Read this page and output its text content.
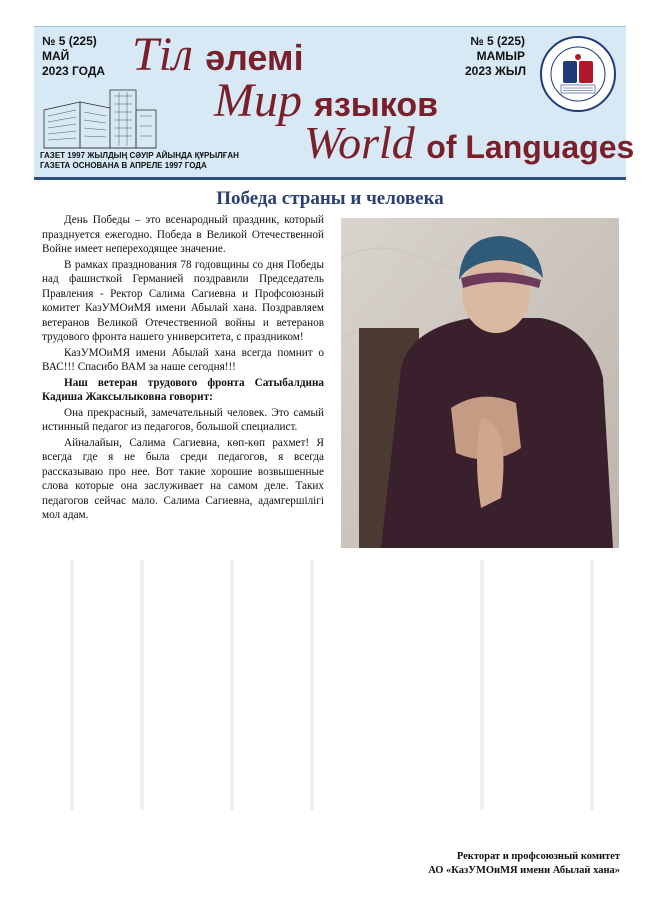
№ 5 (225)
МАЙ
2023 ГОДА Тіл әлемі
Мир языков
World of Languages
№ 5 (225)
МАМЫР
2023 ЖЫЛ
ГАЗЕТ 1997 ЖЫЛДЫҢ СӘУІР АЙЫНДА ҚҰРЫЛҒАН
ГАЗЕТА ОСНОВАНА В АПРЕЛЕ 1997 ГОДА
Победа страны и человека

День Победы – это всенародный праздник, который празднуется ежегодно. Победа в Великой Отечественной Войне имеет непереходящее значение.

В рамках празднования 78 годовщины со дня Победы над фашисткой Германией поздравили Председатель Правления - Ректор Салима Сагиевна и Профсоюзный комитет КазУМОиМЯ имени Абылай хана. Поздравляем ветеранов Великой Отечественной войны и ветеранов трудового фронта нашего университета, с праздником!

КазУМОиМЯ имени Абылай хана всегда помнит о ВАС!!! Спасибо ВАМ за наше сегодня!!!

Наш ветеран трудового фронта Сатыбалдина Кадиша Жаксылыковна говорит:

Она прекрасный, замечательный человек. Это самый истинный педагог из педагогов, большой специалист.

Айналайын, Салима Сагиевна, көп-көп рахмет! Я всегда где я не была среди педагогов, я всегда рассказываю про нее. Вот такие хорошие возвышенные слова которые она заслуживает на самом деле. Таких педагогов сейчас мало. Салима Сагиевна, адамгершілігі мол адам.

Ректорат и профсоюзный комитет
АО «КазУМОиМЯ имени Абылай хана»
